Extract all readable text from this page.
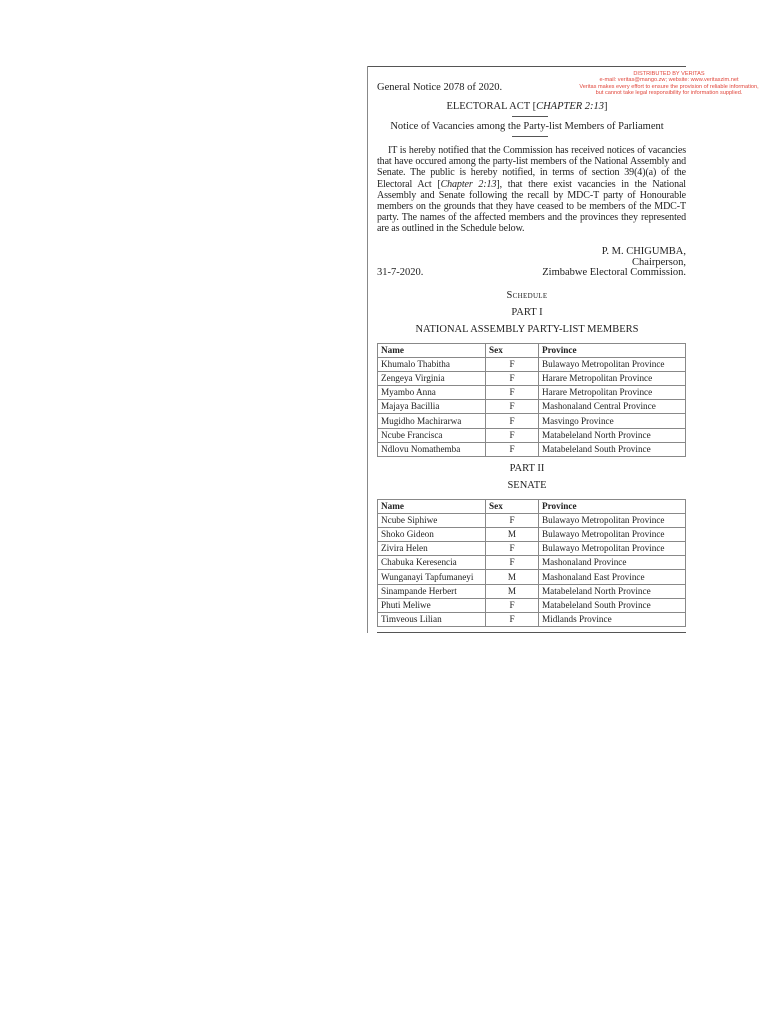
DISTRIBUTED BY VERITAS
e-mail: veritas@mango.zw; website: www.veritaszim.net
Veritas makes every effort to ensure the provision of reliable information,
but cannot take legal responsibility for information supplied.
General Notice 2078 of 2020.
ELECTORAL ACT [CHAPTER 2:13]
Notice of Vacancies among the Party-list Members of Parliament
IT is hereby notified that the Commission has received notices of vacancies that have occured among the party-list members of the National Assembly and Senate. The public is hereby notified, in terms of section 39(4)(a) of the Electoral Act [Chapter 2:13], that there exist vacancies in the National Assembly and Senate following the recall by MDC-T party of Honourable members on the grounds that they have ceased to be members of the MDC-T party. The names of the affected members and the provinces they represented are as outlined in the Schedule below.
P. M. CHIGUMBA,
Chairperson,
Zimbabwe Electoral Commission.
31-7-2020.
Schedule
PART I
NATIONAL ASSEMBLY PARTY-LIST MEMBERS
Name	Sex	Province
Khumalo Thabitha	F	Bulawayo Metropolitan Province
Zengeya Virginia	F	Harare Metropolitan Province
Myambo Anna	F	Harare Metropolitan Province
Majaya Bacillia	F	Mashonaland Central Province
Mugidho Machirarwa	F	Masvingo Province
Ncube Francisca	F	Matabeleland North Province
Ndlovu Nomathemba	F	Matabeleland South Province
PART II
SENATE
Name	Sex	Province
Ncube Siphiwe	F	Bulawayo Metropolitan Province
Shoko Gideon	M	Bulawayo Metropolitan Province
Zivira Helen	F	Bulawayo Metropolitan Province
Chabuka Keresencia	F	Mashonaland Province
Wunganayi Tapfumaneyi	M	Mashonaland East Province
Sinampande Herbert	M	Matabeleland North Province
Phuti Meliwe	F	Matabeleland South Province
Timveous Lilian	F	Midlands Province
